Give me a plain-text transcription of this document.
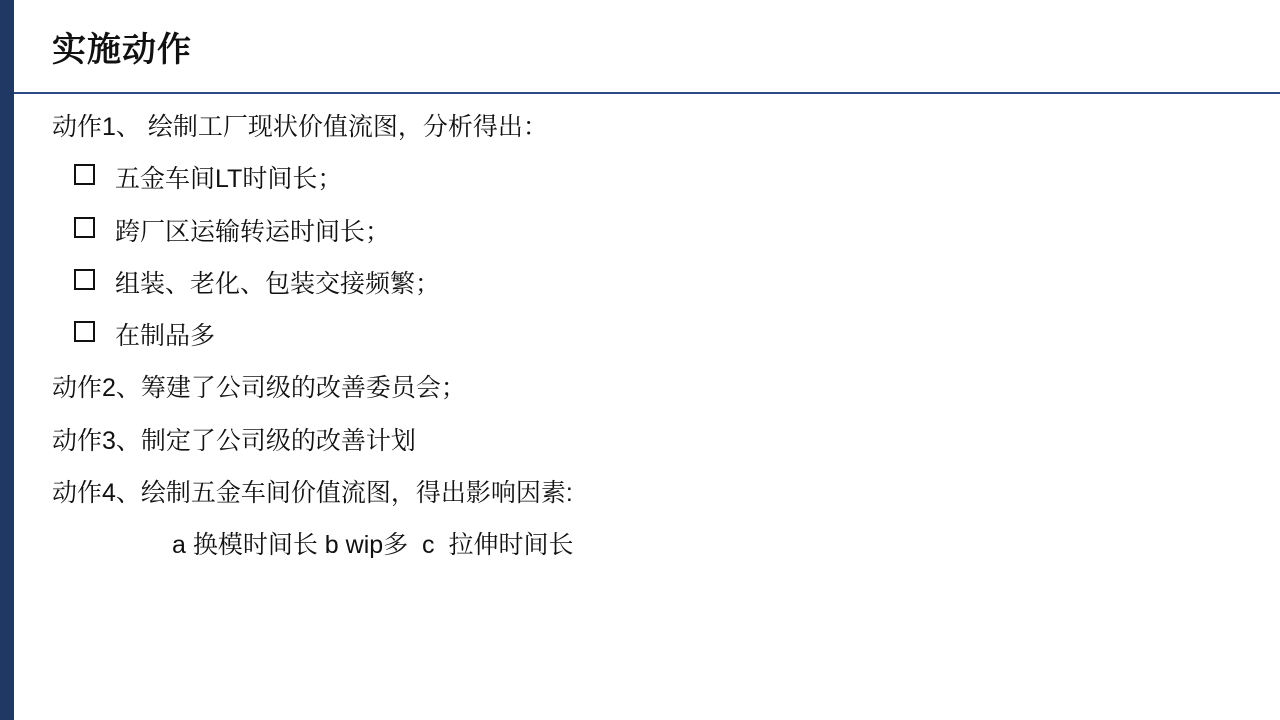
实施动作

动作1、 绘制工厂现状价值流图，分析得出：

五金车间LT时间长；

跨厂区运输转运时间长；

组装、老化、包装交接频繁；

在制品多

动作2、筹建了公司级的改善委员会；

动作3、制定了公司级的改善计划

动作4、绘制五金车间价值流图，得出影响因素:

a 换模时间长 b wip多  c  拉伸时间长
